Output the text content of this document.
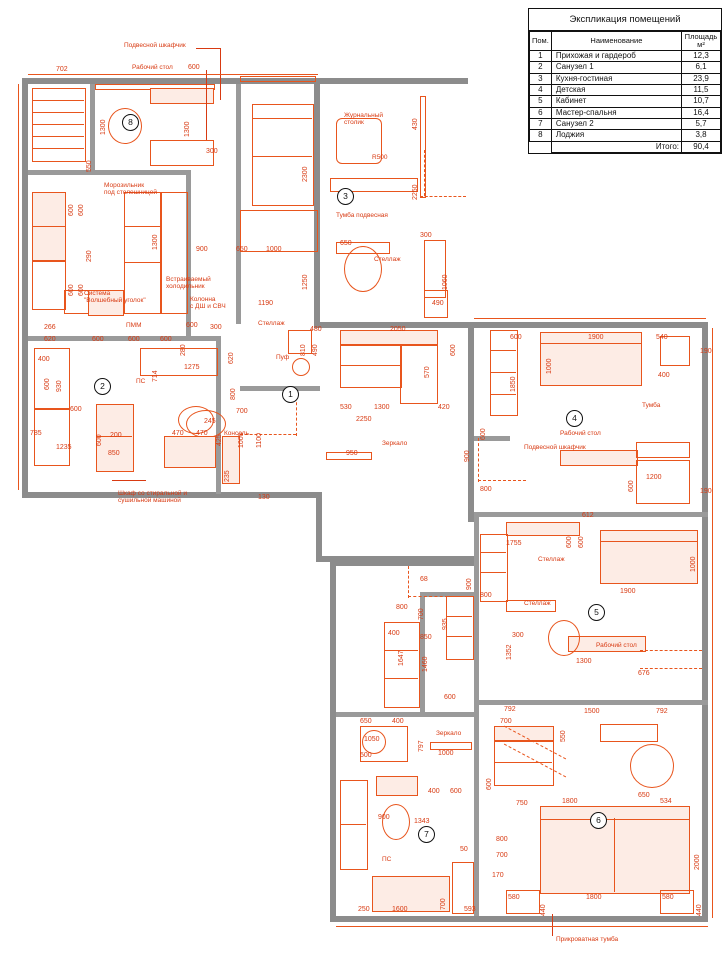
Экспликация помещений
Пом.	Наименование	Площадь
м²
1	Прихожая и гардероб	12,3
2	Санузел 1	6,1
3	Кухня-гостиная	23,9
4	Детская	11,5
5	Кабинет	10,7
6	Мастер-спальня	16,4
7	Санузел 2	5,7
8	Лоджия	3,8
	Итого:	90,4
8
702	600
1300	1300
300
550
Подвесной шкафчик
Рабочий стол
3
Журнальный
столик
R500
Тумба подвесная
Стеллаж
2300
1250
2250
430
650
300
1060
490
900	650	1000
Морозильник
под столешницей
Система
"Волшебный уголок"
Встраиваемый
холодильник
Колонна
с ДШ и СВЧ
ПММ	Стеллаж
Пуф
600 600
290
600 600
1300
266
620	600	600	600
600 300
620
280
1190
480
810 490
1
Консоль
Зеркало
530	1300
2050
600
570
2250
420
950
2	ПС
Шкаф со стиральной и
сушильной машиной
400
600 930
600
1275
714
785
1235
600 200
850
245
470 470
425
800
700
1000 1100
235
130
4
Тумба
Рабочий стол
Подвесной шкафчик
600	1900	540
1000
400
1850
600
900
800	600
1200
190
190
5
Стеллаж
Стеллаж
Рабочий стол
612
1755	600 600
1000
1900
1300
676
1352
300
68
700
800
900
800
400
850
935
1647 1460
600
7
Зеркало
ПС
650	400
1050
500
797
1000
400 600
600
900
1343
50
250	1600	700 593
6
Прикроватная тумба
792
700
550
1500	792
650
750	1800	534
800
700	2000
170
580
440
1800	580
440
